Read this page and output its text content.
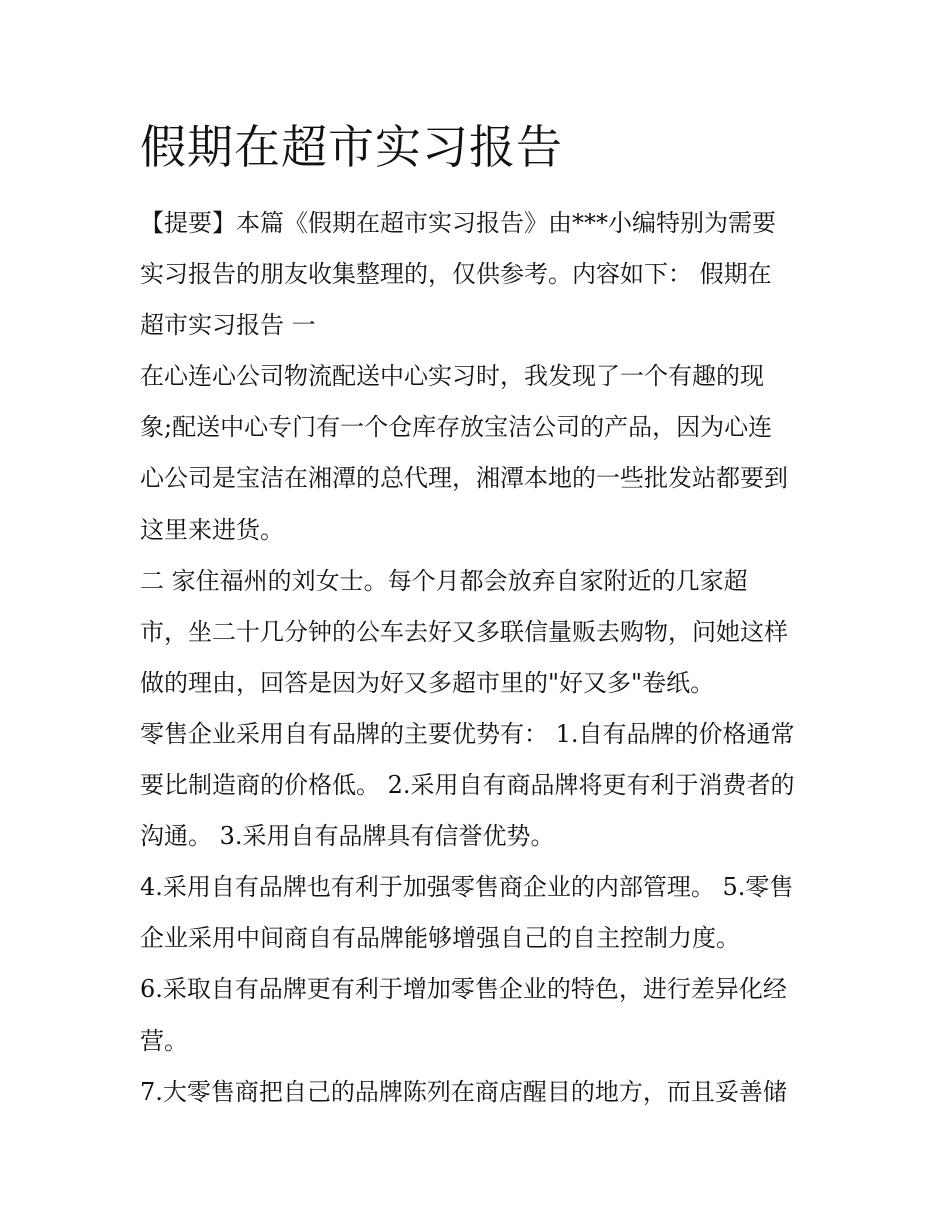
假期在超市实习报告

【提要】本篇《假期在超市实习报告》由***小编特别为需要

实习报告的朋友收集整理的，仅供参考。内容如下： 假期在

超市实习报告 一

在心连心公司物流配送中心实习时，我发现了一个有趣的现

象;配送中心专门有一个仓库存放宝洁公司的产品，因为心连

心公司是宝洁在湘潭的总代理，湘潭本地的一些批发站都要到

这里来进货。

二 家住福州的刘女士。每个月都会放弃自家附近的几家超

市，坐二十几分钟的公车去好又多联信量贩去购物，问她这样

做的理由，回答是因为好又多超市里的"好又多"卷纸。

零售企业采用自有品牌的主要优势有： 1.自有品牌的价格通常

要比制造商的价格低。 2.采用自有商品牌将更有利于消费者的

沟通。 3.采用自有品牌具有信誉优势。

4.采用自有品牌也有利于加强零售商企业的内部管理。 5.零售

企业采用中间商自有品牌能够增强自己的自主控制力度。

6.采取自有品牌更有利于增加零售企业的特色，进行差异化经

营。

7.大零售商把自己的品牌陈列在商店醒目的地方，而且妥善储
